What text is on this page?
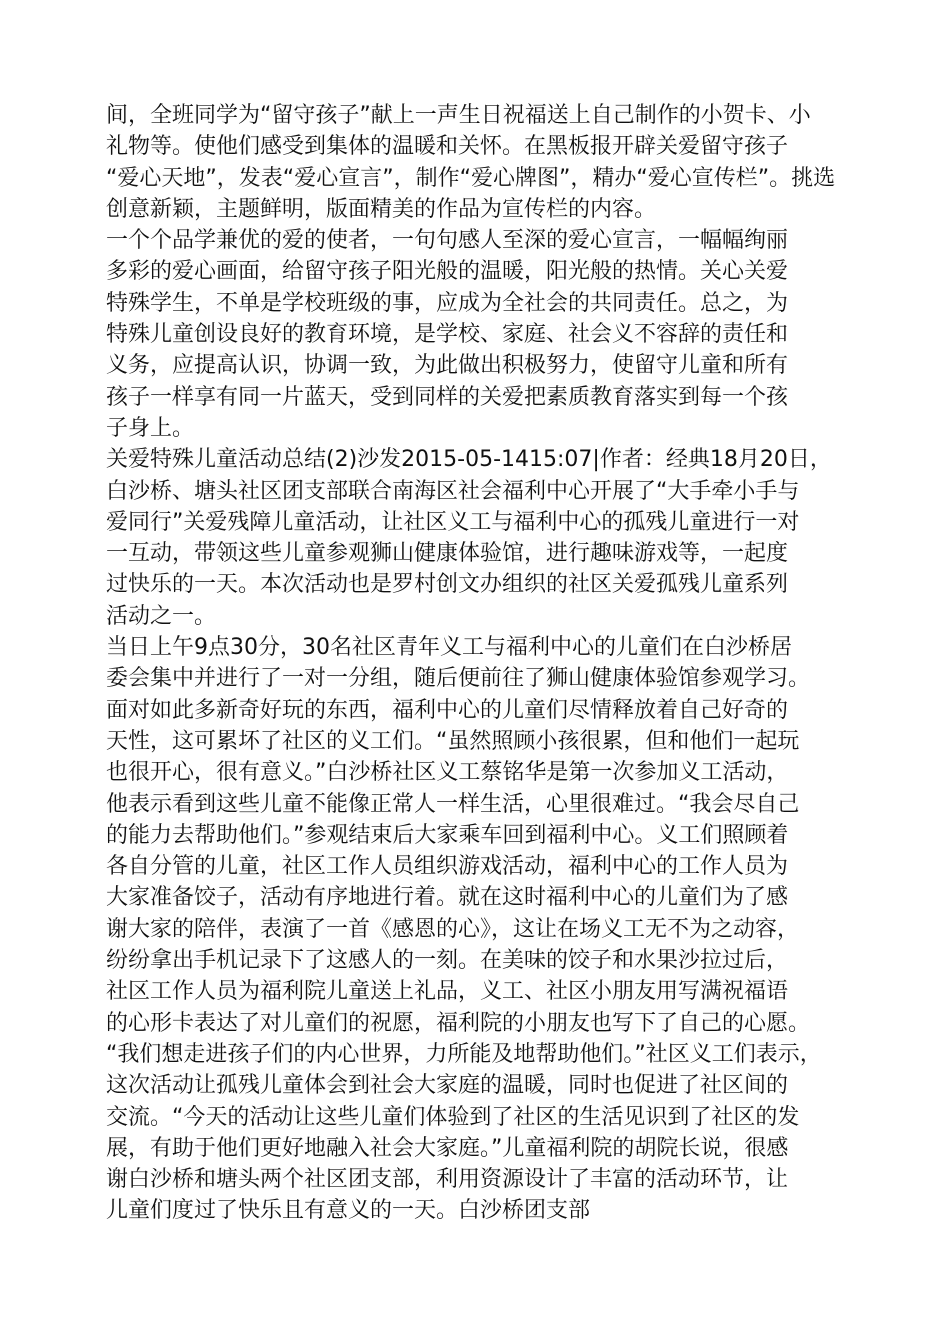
间，全班同学为“留守孩子”献上一声生日祝福送上自己制作的小贺卡、小
礼物等。使他们感受到集体的温暖和关怀。在黑板报开辟关爱留守孩子
“爱心天地”，发表“爱心宣言”，制作“爱心牌图”，精办“爱心宣传栏”。挑选
创意新颖，主题鲜明，版面精美的作品为宣传栏的内容。
一个个品学兼优的爱的使者，一句句感人至深的爱心宣言，一幅幅绚丽
多彩的爱心画面，给留守孩子阳光般的温暖，阳光般的热情。关心关爱
特殊学生，不单是学校班级的事，应成为全社会的共同责任。总之，为
特殊儿童创设良好的教育环境，是学校、家庭、社会义不容辞的责任和
义务，应提高认识，协调一致，为此做出积极努力，使留守儿童和所有
孩子一样享有同一片蓝天，受到同样的关爱把素质教育落实到每一个孩
子身上。
关爱特殊儿童活动总结(2)沙发2015-05-1415:07|作者：经典18月20日，
白沙桥、塘头社区团支部联合南海区社会福利中心开展了“大手牵小手与
爱同行”关爱残障儿童活动，让社区义工与福利中心的孤残儿童进行一对
一互动，带领这些儿童参观狮山健康体验馆，进行趣味游戏等，一起度
过快乐的一天。本次活动也是罗村创文办组织的社区关爱孤残儿童系列
活动之一。
当日上午9点30分，30名社区青年义工与福利中心的儿童们在白沙桥居
委会集中并进行了一对一分组，随后便前往了狮山健康体验馆参观学习。
面对如此多新奇好玩的东西，福利中心的儿童们尽情释放着自己好奇的
天性，这可累坏了社区的义工们。“虽然照顾小孩很累，但和他们一起玩
也很开心，很有意义。”白沙桥社区义工蔡铭华是第一次参加义工活动，
他表示看到这些儿童不能像正常人一样生活，心里很难过。“我会尽自己
的能力去帮助他们。”参观结束后大家乘车回到福利中心。义工们照顾着
各自分管的儿童，社区工作人员组织游戏活动，福利中心的工作人员为
大家准备饺子，活动有序地进行着。就在这时福利中心的儿童们为了感
谢大家的陪伴，表演了一首《感恩的心》，这让在场义工无不为之动容，
纷纷拿出手机记录下了这感人的一刻。在美味的饺子和水果沙拉过后，
社区工作人员为福利院儿童送上礼品，义工、社区小朋友用写满祝福语
的心形卡表达了对儿童们的祝愿，福利院的小朋友也写下了自己的心愿。
“我们想走进孩子们的内心世界，力所能及地帮助他们。”社区义工们表示，
这次活动让孤残儿童体会到社会大家庭的温暖，同时也促进了社区间的
交流。“今天的活动让这些儿童们体验到了社区的生活见识到了社区的发
展，有助于他们更好地融入社会大家庭。”儿童福利院的胡院长说，很感
谢白沙桥和塘头两个社区团支部，利用资源设计了丰富的活动环节，让
儿童们度过了快乐且有意义的一天。白沙桥团支部
